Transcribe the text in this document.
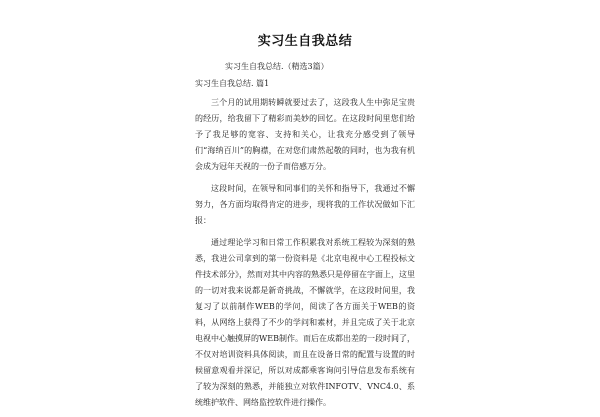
实习生自我总结
实习生自我总结.（精选3篇）
实习生自我总结. 篇1

三个月的试用期转瞬就要过去了，这段我人生中弥足宝贵的经历，给我留下了精彩而美妙的回忆。在这段时间里您们给予了我足够的宽容、支持和关心，让我充分感受到了领导们“海纳百川”的胸襟，在对您们肃然起敬的同时，也为我有机会成为冠年天视的一份子而倍感万分。

这段时间，在领导和同事们的关怀和指导下，我通过不懈努力，各方面均取得肯定的进步，现将我的工作状况做如下汇报：

通过理论学习和日常工作积累我对系统工程较为深刻的熟悉，我进公司拿到的第一份资料是《北京电视中心工程投标文件技术部分》，然而对其中内容的熟悉只是停留在字面上，这里的一切对我来说都是新奇挑战，不懈就学，在这段时间里，我复习了以前制作WEB的学问，阅读了各方面关于WEB的资料，从网络上获得了不少的学问和素材，并且完成了关于北京电视中心触摸屏的WEB制作。而后在成都出差的一段时间了，不仅对培训资料具体阅读，而且在设备日常的配置与设置的时候留意观看并深记，所以对成都乘客询问引导信息发布系统有了较为深刻的熟悉，并能独立对软件INFOTV、VNC4.0、系统维护软件、网络监控软件进行操作。
